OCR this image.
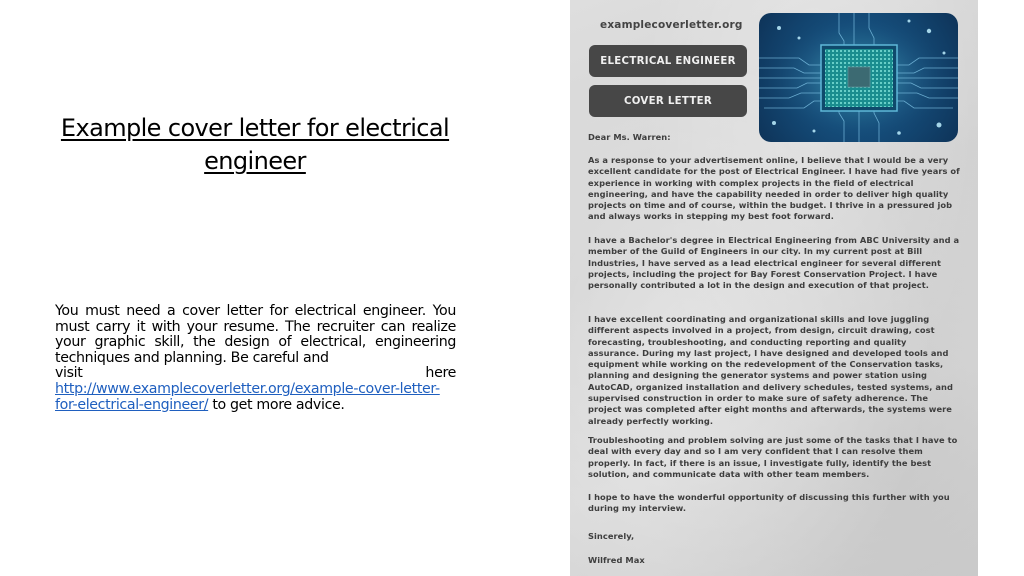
Example cover letter for electrical engineer
You must need a cover letter for electrical engineer. You must carry it with your resume. The recruiter can realize your graphic skill, the design of electrical, engineering techniques and planning. Be careful and
visit	here
http://www.examplecoverletter.org/example-cover-letter-for-electrical-engineer/ to get more advice.
examplecoverletter.org
ELECTRICAL ENGINEER
COVER LETTER
Dear Ms. Warren:
As a response to your advertisement online, I believe that I would be a very excellent candidate for the post of Electrical Engineer. I have had five years of experience in working with complex projects in the field of electrical engineering, and have the capability needed in order to deliver high quality projects on time and of course, within the budget. I thrive in a pressured job and always works in stepping my best foot forward.
I have a Bachelor's degree in Electrical Engineering from ABC University and a member of the Guild of Engineers in our city. In my current post at Bill Industries, I have served as a lead electrical engineer for several different projects, including the project for Bay Forest Conservation Project. I have personally contributed a lot in the design and execution of that project.
I have excellent coordinating and organizational skills and love juggling different aspects involved in a project, from design, circuit drawing, cost forecasting, troubleshooting, and conducting reporting and quality assurance. During my last project, I have designed and developed tools and equipment while working on the redevelopment of the Conservation tasks, planning and designing the generator systems and power station using AutoCAD, organized installation and delivery schedules, tested systems, and supervised construction in order to make sure of safety adherence. The project was completed after eight months and afterwards, the systems were already perfectly working.
Troubleshooting and problem solving are just some of the tasks that I have to deal with every day and so I am very confident that I can resolve them properly. In fact, if there is an issue, I investigate fully, identify the best solution, and communicate data with other team members.
I hope to have the wonderful opportunity of discussing this further with you during my interview.
Sincerely,
Wilfred Max
